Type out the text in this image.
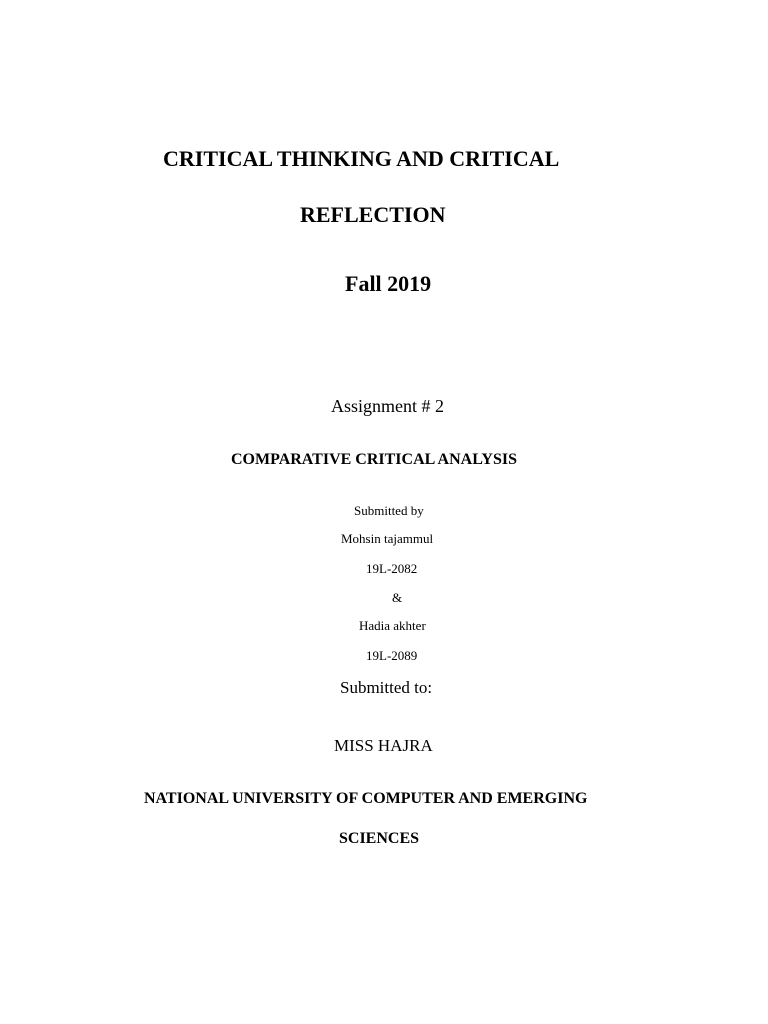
CRITICAL THINKING AND CRITICAL

REFLECTION

Fall 2019

Assignment # 2

COMPARATIVE CRITICAL ANALYSIS

Submitted by

Mohsin tajammul

19L-2082

&

Hadia akhter

19L-2089

Submitted to:

MISS HAJRA

NATIONAL UNIVERSITY OF COMPUTER AND EMERGING

SCIENCES
